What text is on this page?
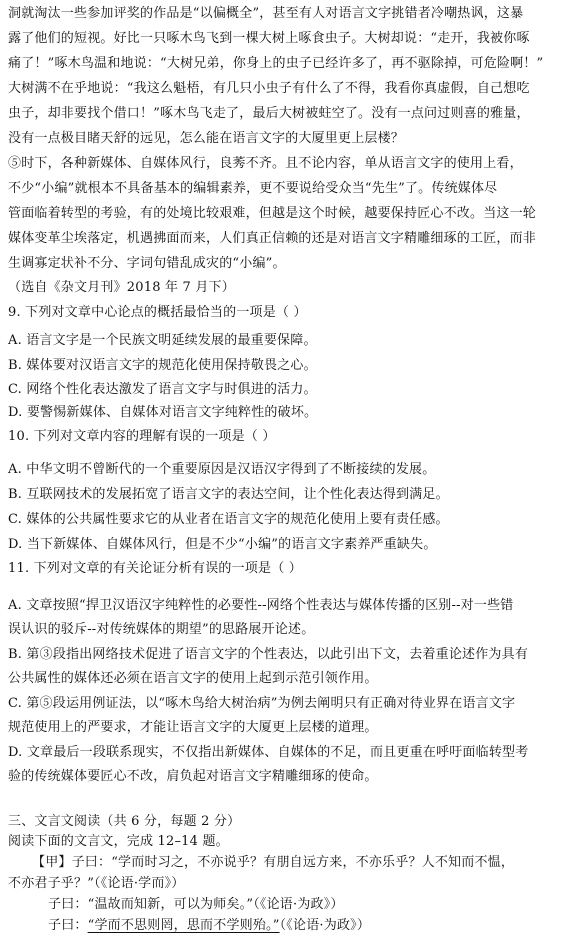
洞就淘汰一些参加评奖的作品是“以偏概全”，甚至有人对语言文字挑错者冷嘲热讽，这暴
露了他们的短视。好比一只啄木鸟飞到一棵大树上啄食虫子。大树却说：“走开，我被你啄
痛了！”啄木鸟温和地说：“大树兄弟，你身上的虫子已经许多了，再不驱除掉，可危险啊！”
大树满不在乎地说：“我这么魁梧，有几只小虫子有什么了不得，我看你真虚假，自己想吃
虫子，却非要找个借口！”啄木鸟飞走了，最后大树被蛀空了。没有一点问过则喜的雅量，
没有一点极目睹天舒的远见，怎么能在语言文字的大厦里更上层楼？
⑤时下，各种新媒体、自媒体风行，良莠不齐。且不论内容，单从语言文字的使用上看，
不少“小编”就根本不具备基本的编辑素养，更不要说给受众当“先生”了。传统媒体尽
管面临着转型的考验，有的处境比较艰难，但越是这个时候，越要保持匠心不改。当这一轮
媒体变革尘埃落定，机遇拂面而来，人们真正信赖的还是对语言文字精雕细琢的工匠，而非
生调寡定状补不分、字词句错乱成灾的“小编”。
（选自《杂文月刊》2018 年 7 月下）
9. 下列对文章中心论点的概括最恰当的一项是（ ）
A. 语言文字是一个民族文明延续发展的最重要保障。
B. 媒体要对汉语言文字的规范化使用保持敬畏之心。
C. 网络个性化表达激发了语言文字与时俱进的活力。
D. 要警惕新媒体、自媒体对语言文字纯粹性的破坏。
10. 下列对文章内容的理解有误的一项是（ ）
A. 中华文明不曾断代的一个重要原因是汉语汉字得到了不断接续的发展。
B. 互联网技术的发展拓宽了语言文字的表达空间，让个性化表达得到满足。
C. 媒体的公共属性要求它的从业者在语言文字的规范化使用上要有责任感。
D. 当下新媒体、自媒体风行，但是不少“小编”的语言文字素养严重缺失。
11. 下列对文章的有关论证分析有误的一项是（ ）
A. 文章按照“捍卫汉语汉字纯粹性的必要性--网络个性表达与媒体传播的区别--对一些错
误认识的驳斥--对传统媒体的期望”的思路展开论述。
B. 第③段指出网络技术促进了语言文字的个性表达，以此引出下文，去着重论述作为具有
公共属性的媒体还必须在语言文字的使用上起到示范引领作用。
C. 第⑤段运用例证法，以“啄木鸟给大树治病”为例去阐明只有正确对待业界在语言文字
规范使用上的严要求，才能让语言文字的大厦更上层楼的道理。
D. 文章最后一段联系现实，不仅指出新媒体、自媒体的不足，而且更重在呼吁面临转型考
验的传统媒体要匠心不改，肩负起对语言文字精雕细琢的使命。
三、文言文阅读（共 6 分，每题 2 分）
阅读下面的文言文，完成 12–14 题。
【甲】子曰：“学而时习之，不亦说乎？有朋自远方来，不亦乐乎？人不知而不愠，
不亦君子乎？”（《论语·学而》）
子曰：“温故而知新，可以为师矣。”（《论语·为政》）
子曰：“学而不思则罔，思而不学则殆。”（《论语·为政》）
